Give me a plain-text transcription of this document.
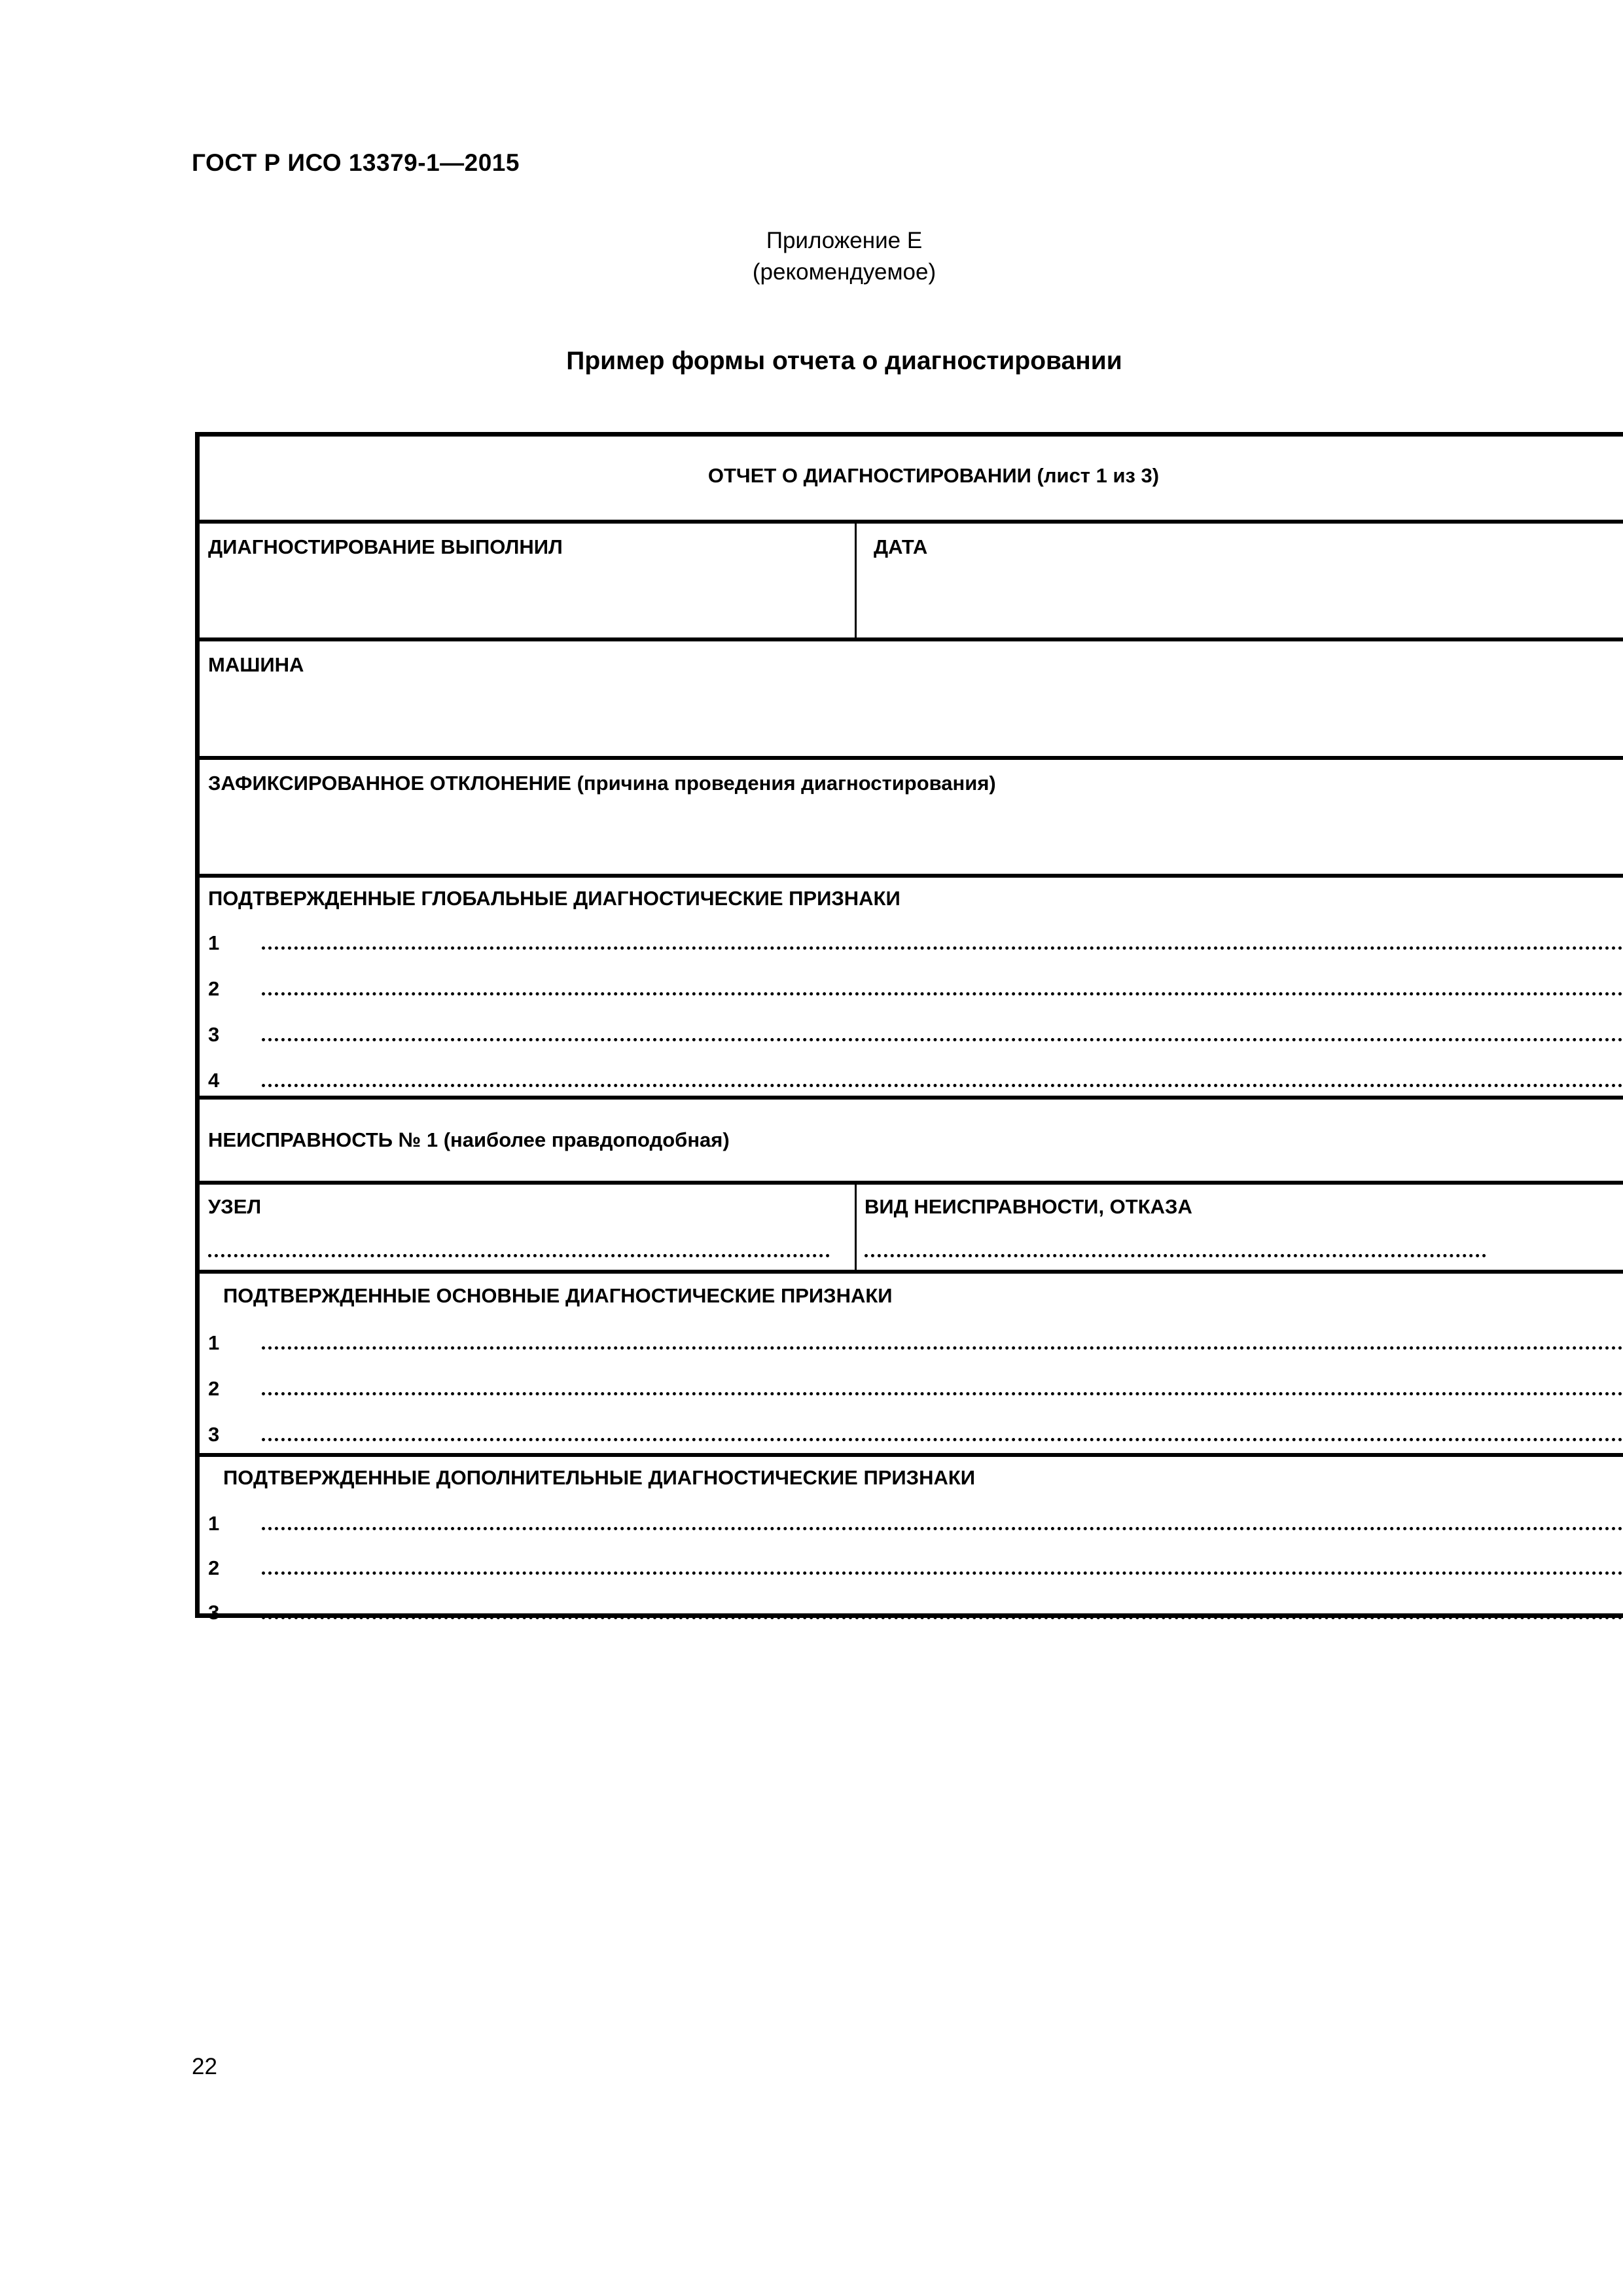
ГОСТ Р ИСО 13379-1—2015
Приложение Е
(рекомендуемое)
Пример формы отчета о диагностировании
ОТЧЕТ О ДИАГНОСТИРОВАНИИ (лист 1 из 3)
ДИАГНОСТИРОВАНИЕ ВЫПОЛНИЛ	ДАТА
МАШИНА
ЗАФИКСИРОВАННОЕ ОТКЛОНЕНИЕ (причина проведения диагностирования)
ПОДТВЕРЖДЕННЫЕ ГЛОБАЛЬНЫЕ ДИАГНОСТИЧЕСКИЕ ПРИЗНАКИ
1
2
3
4
НЕИСПРАВНОСТЬ № 1 (наиболее правдоподобная)
УЗЕЛ	ВИД НЕИСПРАВНОСТИ, ОТКАЗА
ПОДТВЕРЖДЕННЫЕ ОСНОВНЫЕ ДИАГНОСТИЧЕСКИЕ ПРИЗНАКИ
1
2
3
ПОДТВЕРЖДЕННЫЕ ДОПОЛНИТЕЛЬНЫЕ ДИАГНОСТИЧЕСКИЕ ПРИЗНАКИ
1
2
3
22
